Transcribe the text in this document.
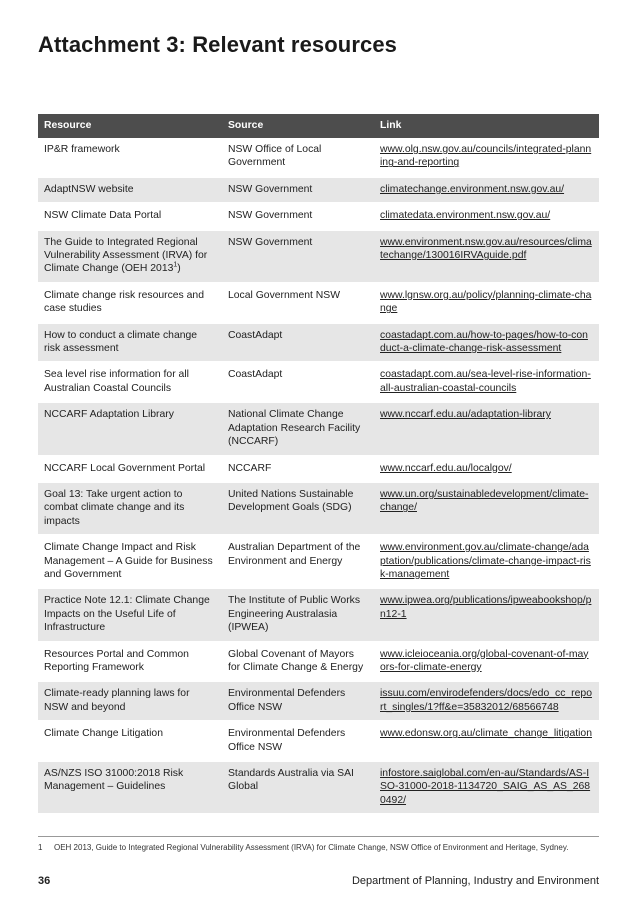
Attachment 3: Relevant resources
Resource	Source	Link
IP&R framework	NSW Office of Local Government	www.olg.nsw.gov.au/councils/integrated-planning-and-reporting
AdaptNSW website	NSW Government	climatechange.environment.nsw.gov.au/
NSW Climate Data Portal	NSW Government	climatedata.environment.nsw.gov.au/
The Guide to Integrated Regional Vulnerability Assessment (IRVA) for Climate Change (OEH 2013$^1$)	NSW Government	www.environment.nsw.gov.au/resources/climatechange/130016IRVAguide.pdf
Climate change risk resources and case studies	Local Government NSW	www.lgnsw.org.au/policy/planning-climate-change
How to conduct a climate change risk assessment	CoastAdapt	coastadapt.com.au/how-to-pages/how-to-conduct-a-climate-change-risk-assessment
Sea level rise information for all Australian Coastal Councils	CoastAdapt	coastadapt.com.au/sea-level-rise-information-all-australian-coastal-councils
NCCARF Adaptation Library	National Climate Change Adaptation Research Facility (NCCARF)	www.nccarf.edu.au/adaptation-library
NCCARF Local Government Portal	NCCARF	www.nccarf.edu.au/localgov/
Goal 13: Take urgent action to combat climate change and its impacts	United Nations Sustainable Development Goals (SDG)	www.un.org/sustainabledevelopment/climate-change/
Climate Change Impact and Risk Management – A Guide for Business and Government	Australian Department of the Environment and Energy	www.environment.gov.au/climate-change/adaptation/publications/climate-change-impact-risk-management
Practice Note 12.1: Climate Change Impacts on the Useful Life of Infrastructure	The Institute of Public Works Engineering Australasia (IPWEA)	www.ipwea.org/publications/ipweabookshop/pn12-1
Resources Portal and Common Reporting Framework	Global Covenant of Mayors for Climate Change & Energy	www.icleioceania.org/global-covenant-of-mayors-for-climate-energy
Climate-ready planning laws for NSW and beyond	Environmental Defenders Office NSW	issuu.com/envirodefenders/docs/edo_cc_report_singles/1?ff&e=35832012/68566748
Climate Change Litigation	Environmental Defenders Office NSW	www.edonsw.org.au/climate_change_litigation
AS/NZS ISO 31000:2018 Risk Management – Guidelines	Standards Australia via SAI Global	infostore.saiglobal.com/en-au/Standards/AS-ISO-31000-2018-1134720_SAIG_AS_AS_2680492/
1 OEH 2013, Guide to Integrated Regional Vulnerability Assessment (IRVA) for Climate Change, NSW Office of Environment and Heritage, Sydney.
36	Department of Planning, Industry and Environment
